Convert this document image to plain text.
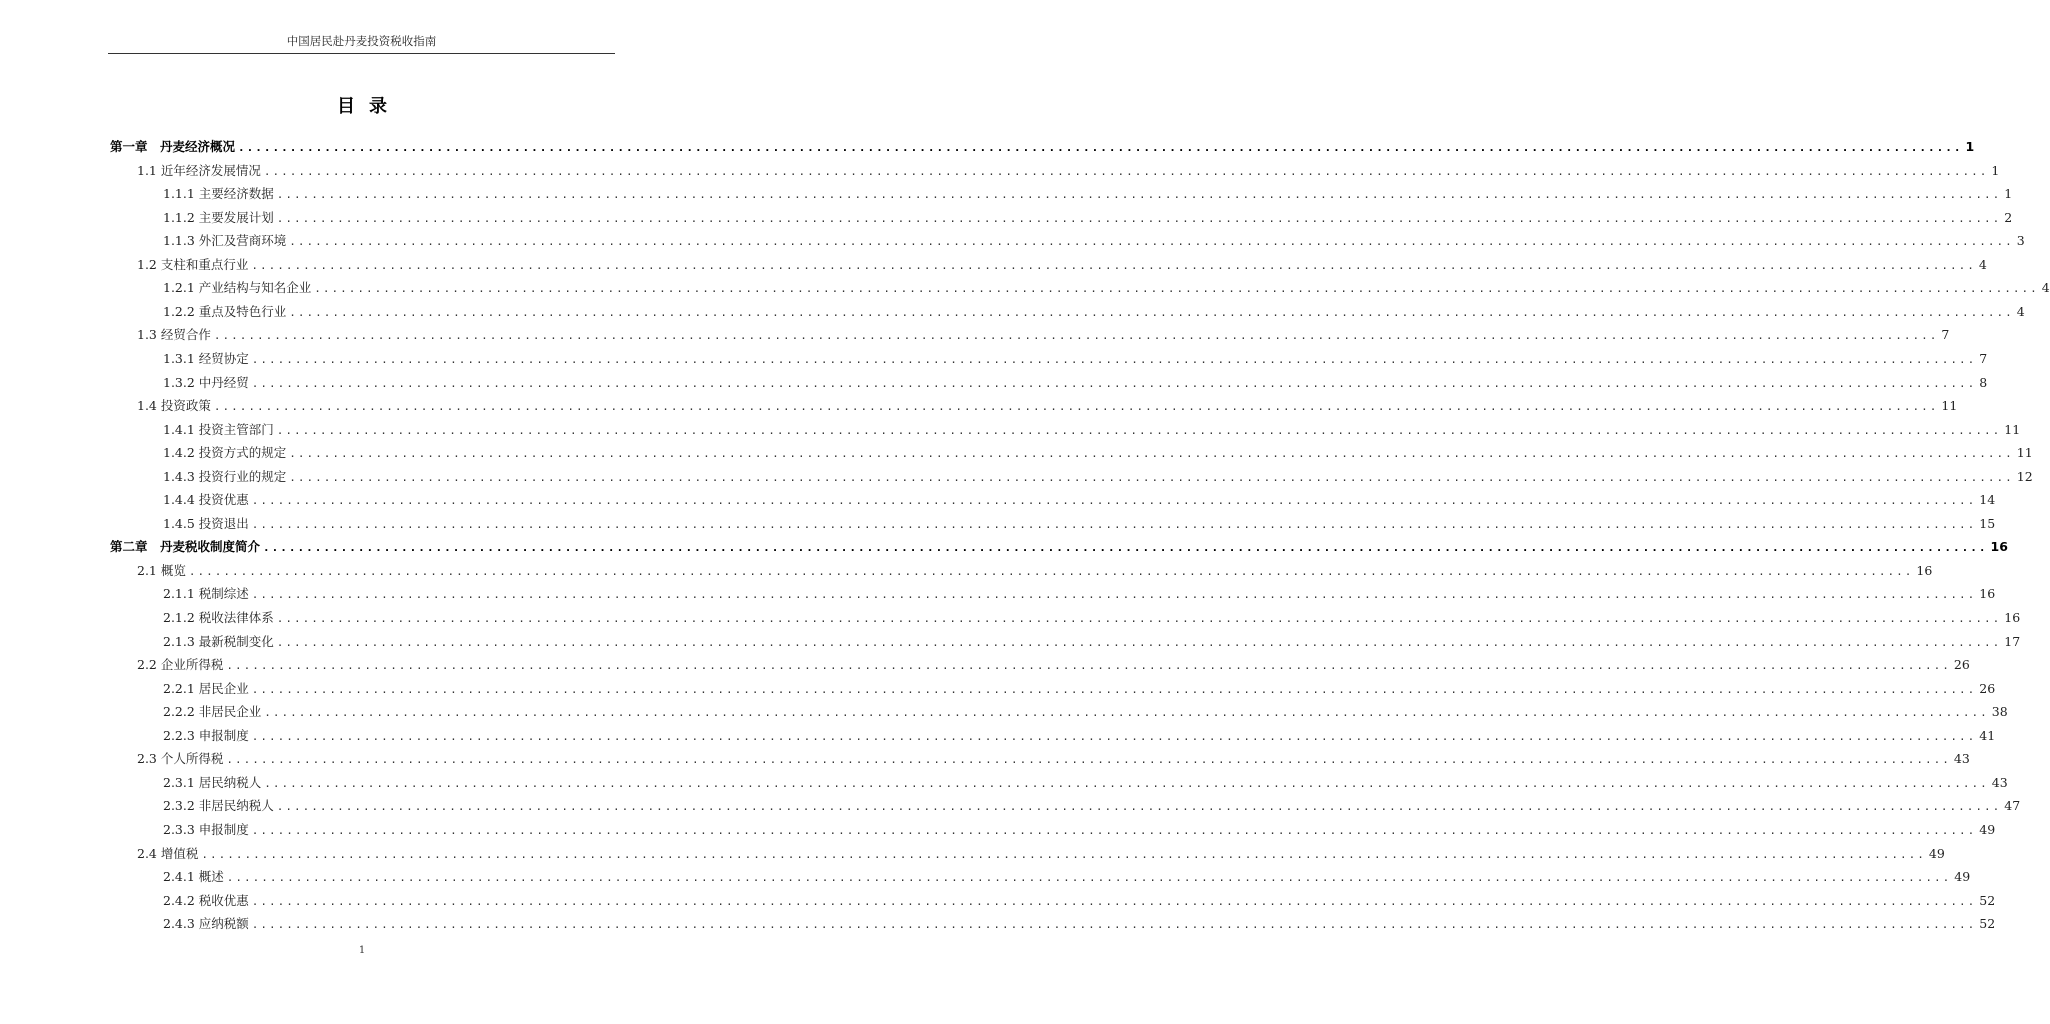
中国居民赴丹麦投资税收指南
目录
第一章　丹麦经济概况 ........................................................................................................................................................................................................ 1
1.1 近年经济发展情况 ........................................................................................................................................................................................................ 1
1.1.1 主要经济数据 ........................................................................................................................................................................................................ 1
1.1.2 主要发展计划 ........................................................................................................................................................................................................ 2
1.1.3 外汇及营商环境 ........................................................................................................................................................................................................ 3
1.2 支柱和重点行业 ........................................................................................................................................................................................................ 4
1.2.1 产业结构与知名企业 ........................................................................................................................................................................................................ 4
1.2.2 重点及特色行业 ........................................................................................................................................................................................................ 4
1.3 经贸合作 ........................................................................................................................................................................................................ 7
1.3.1 经贸协定 ........................................................................................................................................................................................................ 7
1.3.2 中丹经贸 ........................................................................................................................................................................................................ 8
1.4 投资政策 ........................................................................................................................................................................................................ 11
1.4.1 投资主管部门 ........................................................................................................................................................................................................ 11
1.4.2 投资方式的规定 ........................................................................................................................................................................................................ 11
1.4.3 投资行业的规定 ........................................................................................................................................................................................................ 12
1.4.4 投资优惠 ........................................................................................................................................................................................................ 14
1.4.5 投资退出 ........................................................................................................................................................................................................ 15
第二章　丹麦税收制度简介 ........................................................................................................................................................................................................ 16
2.1 概览 ........................................................................................................................................................................................................ 16
2.1.1 税制综述 ........................................................................................................................................................................................................ 16
2.1.2 税收法律体系 ........................................................................................................................................................................................................ 16
2.1.3 最新税制变化 ........................................................................................................................................................................................................ 17
2.2 企业所得税 ........................................................................................................................................................................................................ 26
2.2.1 居民企业 ........................................................................................................................................................................................................ 26
2.2.2 非居民企业 ........................................................................................................................................................................................................ 38
2.2.3 申报制度 ........................................................................................................................................................................................................ 41
2.3 个人所得税 ........................................................................................................................................................................................................ 43
2.3.1 居民纳税人 ........................................................................................................................................................................................................ 43
2.3.2 非居民纳税人 ........................................................................................................................................................................................................ 47
2.3.3 申报制度 ........................................................................................................................................................................................................ 49
2.4 增值税 ........................................................................................................................................................................................................ 49
2.4.1 概述 ........................................................................................................................................................................................................ 49
2.4.2 税收优惠 ........................................................................................................................................................................................................ 52
2.4.3 应纳税额 ........................................................................................................................................................................................................ 52
1
